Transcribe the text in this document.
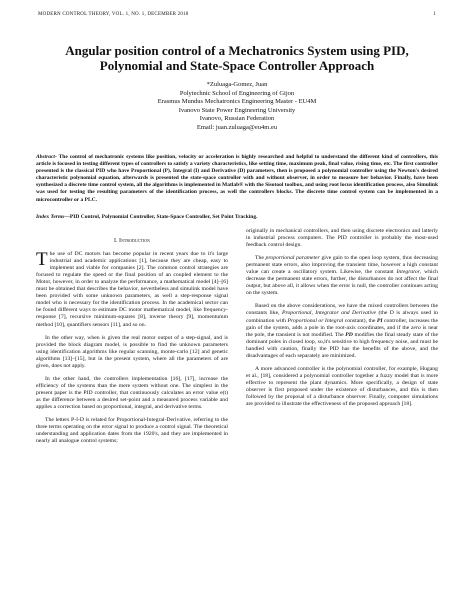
MODERN CONTROL THEORY, VOL. 1, NO. 1, DECEMBER 2018	1
Angular position control of a Mechatronics System using PID,
Polynomial and State-Space Controller Approach
*Zuluaga-Gomez, Juan
Polytechnic School of Engineering of Gijon
Erasmus Mundus Mechatronics Engineering Master - EU4M
Ivanovo State Power Engineering University
Ivanovo, Russian Federation
Email: juan.zuluaga@eu4m.eu
Abstract- The control of mechatronic systems like position, velocity or acceleration is highly researched and helpful to understand the different kind of controllers, this article is focused in testing different types of controllers to satisfy a variety characteristics, like setting time, maximum peak, final value, rising time, etc. The first controller presented is the classical PID who have Proportional (P), Integral (I) and Derivative (D) parameters, then is proposed a polynomial controller using the Newton's desired characteristic polynomial equation, afterwards is presented the state-space controller with and without observer, in order to measure her behavior. Finally, have been synthesized a discrete time control system, all the algorithms is implemented in Matlab® with the Sisotool toolbox, and using root locus identification process, also Simulink was used for testing the resulting parameters of the identification process, as well the controllers blocks. The discrete time control system can be implemented in a microcontroller or a PLC.
Index Terms—PID Control, Polynomial Controller, State-Space Controller, Set Point Tracking.
I. Introduction

The use of DC motors has become popular in recent years due to it's large industrial and academic applications [1], because they are cheap, easy to implement and viable for companies [2]. The common control strategies are focused to regulate the speed or the final position of an coupled element to the Motor, however, in order to analyze the performance, a mathematical model [4]–[6] must be obtained that describes the behavior, nevertheless and simulink model have been provided with some unknown parameters, as well a step-response signal model who is necessary for the identification process. In the academical sector can be found different ways to estimate DC motor mathematical model, like frequency-response [7], recursive minimum-squares [8], inverse theory [9], momentumm method [10], quantifiers sensors [11], and so on.

In the other way, when is given the real motor output of a step-signal, and is provided the block diagram model, is possible to find the unknown parameters using identification algorithms like regular scanning, monte-carlo [12] and genetic algorithms [13]–[15], but in the present system, where all the parameters of are given, does not apply.

In the other hand, the controllers implementation [16], [17], increase the efficiency of the systems than the mere system without one. The simplest in the present paper is the PID controller, that continuously calculates an error value e(t) as the difference between a desired set-point and a measured process variable and applies a correction based on proportional, integral, and derivative terms.

The letters P-I-D is related for Proportional-Integral-Derivative, referring to the three terms operating on the error signal to produce a control signal. The theoretical understanding and application dates from the 1920's, and they are implemented in nearly all analogue control systems;

originally in mechanical controllers, and then using discrete electronics and latterly in industrial process computers. The PID controller is probably the most-used feedback control design.

The proportional parameter give gain to the open loop system, thus decreasing permanent state errors, also improving the transient time, however a high constant value can create a oscillatory system. Likewise, the constant Integrator, which decrease the permanent state errors, further, the disturbances do not affect the final output, but above all, it allows when the error is null, the controller continues acting on the system.

Based on the above considerations, we have the mixed controllers between the constants like, Proportional, Integrator and Derivative (the D is always used in combination with Proportional or Integral constant), the PI controller, increases the gain of the system, adds a pole in the root-axis coordinates, and if the zero is near the pole, the transient is not modified. The PD modifies the final steady state of the dominant poles in closed loop, so,it's sensitive to high frequency noise, and must be handled with caution, finally the PID has the benefits of the above, and the disadvantages of each separately are minimized.

A more advanced controller is the polynomial controller, for example, Hugang et al., [18], considered a polynomial controller together a fuzzy model that is more effective to represent the plant dynamics. More specifically, a design of state observer is first proposed under the existence of disturbances, and this is then followed by the proposal of a disturbance observer. Finally, computer simulations are provided to illustrate the effectiveness of the proposed approach [18].
